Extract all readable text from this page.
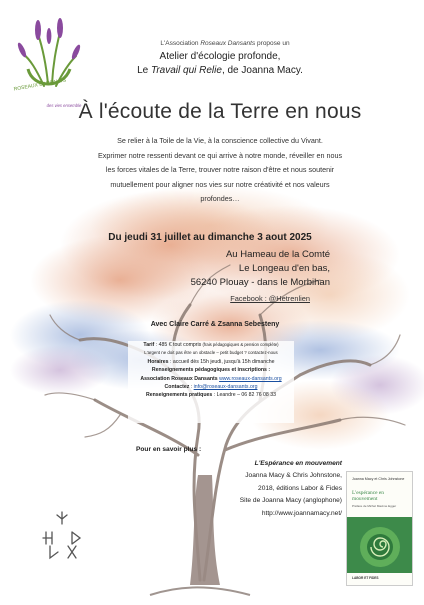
ROSEAUX DANSANTS
des vies ensemble
L'Association Roseaux Dansants propose un
Atelier d'écologie profonde,
Le Travail qui Relie, de Joanna Macy.
À l'écoute de la Terre en nous
Se relier à la Toile de la Vie, à la conscience collective du Vivant.
Exprimer notre ressenti devant ce qui arrive à notre monde, réveiller en nous
les forces vitales de la Terre, trouver notre raison d'être et nous soutenir
mutuellement pour aligner nos vies sur notre créativité et nos valeurs
profondes…
Du jeudi 31 juillet au dimanche 3 aout 2025
Au Hameau de la Comté
Le Longeau d'en bas,
56240 Plouay - dans le Morbihan
Facebook : @Hetrenlien
Avec Claire Carré & Zsanna Sebesteny
Tarif : 485 € tout compris (frais pédagogiques & pension complète)
L'argent ne doit pas être un obstacle – petit budget ? contactez-nous
Horaires : accueil dès 15h jeudi, jusqu'à 15h dimanche
Renseignements pédagogiques et inscriptions :
Association Roseaux Dansants www.roseaux-dansants.org
Contactez : info@roseaux-dansants.org
Renseignements pratiques : Leandre – 06 82 76 08 33
Pour en savoir plus :
L'Espérance en mouvement
Joanna Macy & Chris Johnstone,
2018, éditions Labor & Fides
Site de Joanna Macy (anglophone)
http://www.joannamacy.net/
Joanna Macy et Chris Johnstone
L'espérance en mouvement
Préface de Michel Maxime Egger
LABOR ET FIDES
